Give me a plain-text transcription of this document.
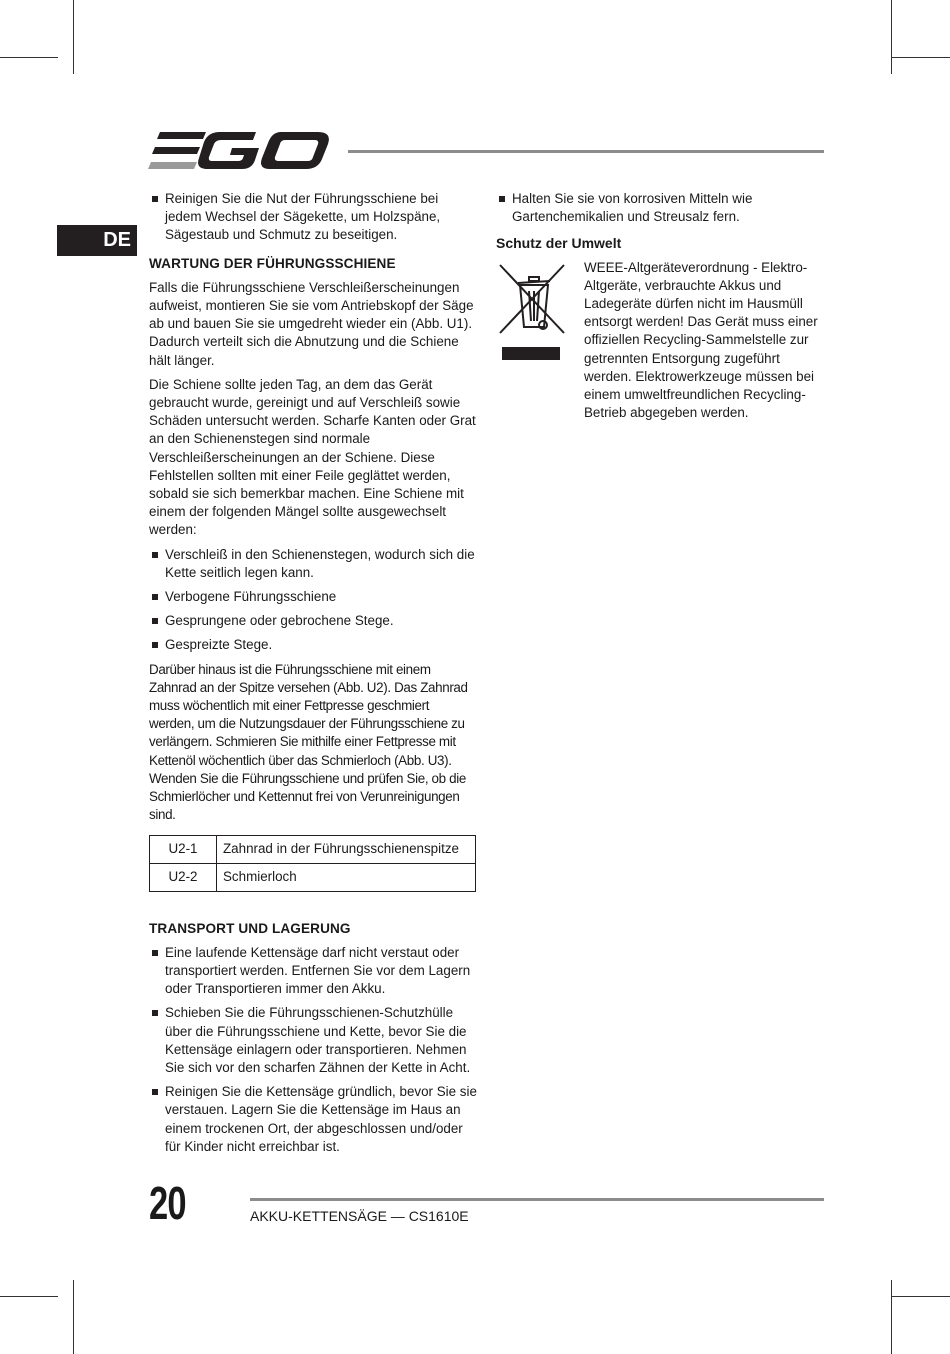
DE
Reinigen Sie die Nut der Führungsschiene bei jedem Wechsel der Sägekette, um Holzspäne, Sägestaub und Schmutz zu beseitigen.
WARTUNG DER FÜHRUNGSSCHIENE

Falls die Führungsschiene Verschleißerscheinungen aufweist, montieren Sie sie vom Antriebskopf der Säge ab und bauen Sie sie umgedreht wieder ein (Abb. U1). Dadurch verteilt sich die Abnutzung und die Schiene hält länger.

Die Schiene sollte jeden Tag, an dem das Gerät gebraucht wurde, gereinigt und auf Verschleiß sowie Schäden untersucht werden. Scharfe Kanten oder Grat an den Schienenstegen sind normale Verschleißerscheinungen an der Schiene. Diese Fehlstellen sollten mit einer Feile geglättet werden, sobald sie sich bemerkbar machen. Eine Schiene mit einem der folgenden Mängel sollte ausgewechselt werden:

Verschleiß in den Schienenstegen, wodurch sich die Kette seitlich legen kann.
Verbogene Führungsschiene
Gesprungene oder gebrochene Stege.
Gespreizte Stege.

Darüber hinaus ist die Führungsschiene mit einem Zahnrad an der Spitze versehen (Abb. U2). Das Zahnrad muss wöchentlich mit einer Fettpresse geschmiert werden, um die Nutzungsdauer der Führungsschiene zu verlängern. Schmieren Sie mithilfe einer Fettpresse mit Kettenöl wöchentlich über das Schmierloch (Abb. U3). Wenden Sie die Führungsschiene und prüfen Sie, ob die Schmierlöcher und Kettennut frei von Verunreinigungen sind.

U2-1	Zahnrad in der Führungsschienenspitze
U2-2	Schmierloch
TRANSPORT UND LAGERUNG
Eine laufende Kettensäge darf nicht verstaut oder transportiert werden. Entfernen Sie vor dem Lagern oder Transportieren immer den Akku.
Schieben Sie die Führungsschienen-Schutzhülle über die Führungsschiene und Kette, bevor Sie die Kettensäge einlagern oder transportieren. Nehmen Sie sich vor den scharfen Zähnen der Kette in Acht.
Reinigen Sie die Kettensäge gründlich, bevor Sie sie verstauen. Lagern Sie die Kettensäge im Haus an einem trockenen Ort, der abgeschlossen und/oder für Kinder nicht erreichbar ist.
Halten Sie sie von korrosiven Mitteln wie Gartenchemikalien und Streusalz fern.
Schutz der Umwelt
WEEE-Altgeräteverordnung - Elektro-Altgeräte, verbrauchte Akkus und Ladegeräte dürfen nicht im Hausmüll entsorgt werden! Das Gerät muss einer offiziellen Recycling-Sammelstelle zur getrennten Entsorgung zugeführt werden. Elektrowerkzeuge müssen bei einem umweltfreundlichen Recycling-Betrieb abgegeben werden.
20	AKKU-KETTENSÄGE — CS1610E
